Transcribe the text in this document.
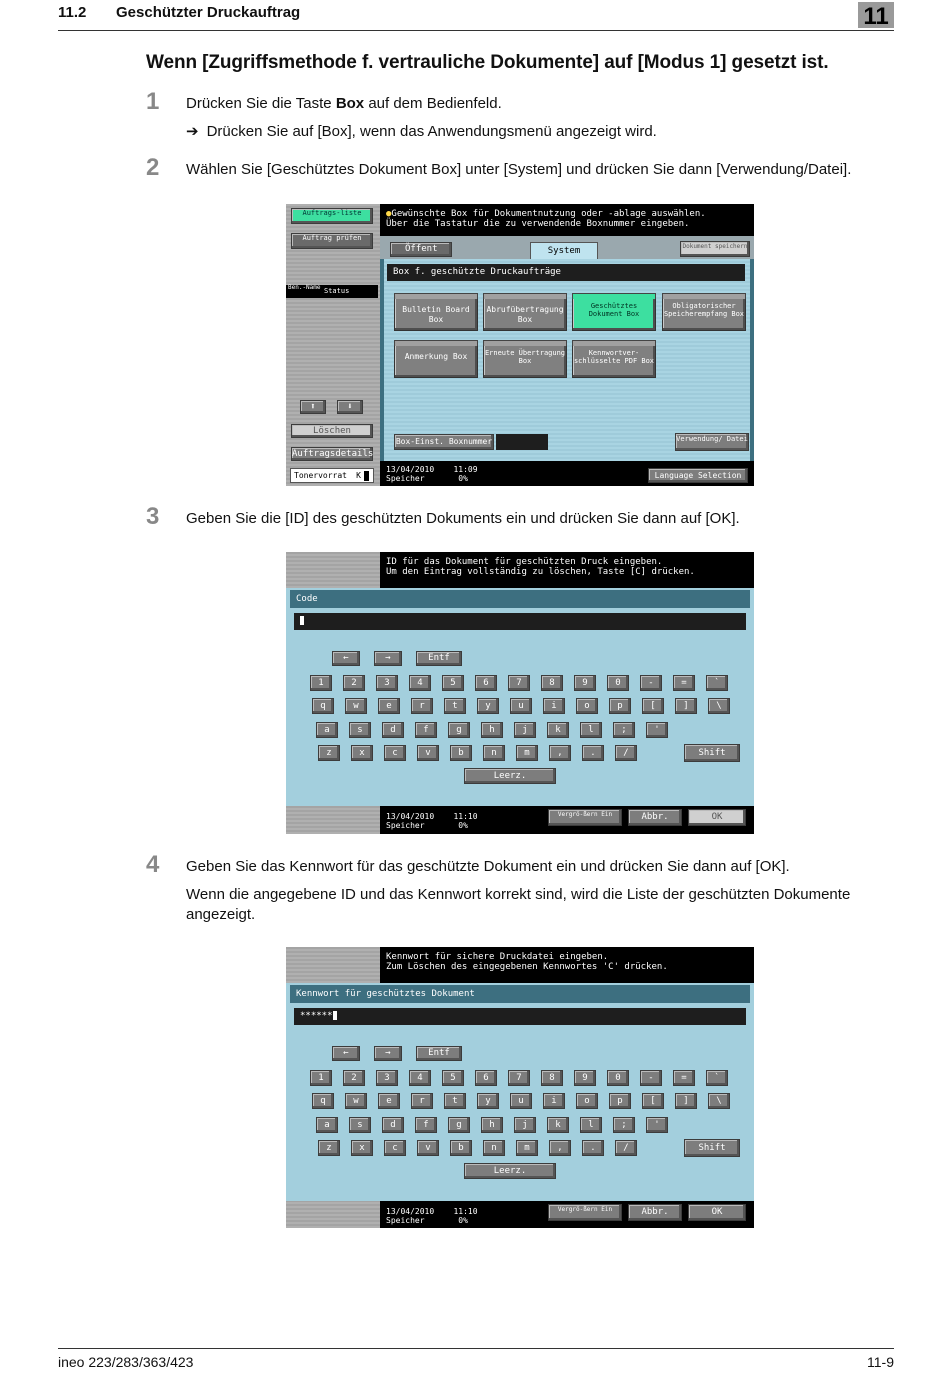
11.2 Geschützter Druckauftrag	11
Wenn [Zugriffsmethode f. vertrauliche Dokumente] auf [Modus 1] gesetzt ist.
1 Drücken Sie die Taste Box auf dem Bedienfeld.
➔ Drücken Sie auf [Box], wenn das Anwendungsmenü angezeigt wird.
2 Wählen Sie [Geschütztes Dokument Box] unter [System] und drücken Sie dann [Verwendung/Datei].
Auftrags-liste
Auftrag prüfen
Ben.-Name Status
⬆	⬇
Löschen
Auftragsdetails
Tonervorrat K
●Gewünschte Box für Dokumentnutzung oder -ablage auswählen.
Über die Tastatur die zu verwendende Boxnummer eingeben.
Öffent	System	Dokument speichern
Box f. geschützte Druckaufträge
Bulletin Board Box
Abrufübertragung Box
Geschütztes Dokument Box
Obligatorischer Speicherempfang Box
Anmerkung Box	Erneute Übertragung Box
Kennwortver-schlüsselte PDF Box
Box-Einst. Boxnummer	Verwendung/ Datei
13/04/2010 11:09
Speicher	0%	Language Selection
3 Geben Sie die [ID] des geschützten Dokuments ein und drücken Sie dann auf [OK].
ID für das Dokument für geschützten Druck eingeben.
Um den Eintrag vollständig zu löschen, Taste [C] drücken.
Code
13/04/2010 11:10
Speicher	0%
Vergrö-ßern Ein	Abbr.	OK
←	→	Entf
1	2	3	4	5	6	7	8	9	0	-	=	`
q	w	e	r	t	y	u	i	o	p	[	]	\
a	s	d	f	g	h	j	k	l	;	'
z	x	c	v	b	n	m	,	.	/	Shift
Leerz.
4 Geben Sie das Kennwort für das geschützte Dokument ein und drücken Sie dann auf [OK].
Wenn die angegebene ID und das Kennwort korrekt sind, wird die Liste der geschützten Dokumente angezeigt.
Kennwort für sichere Druckdatei eingeben.
Zum Löschen des eingegebenen Kennwortes 'C' drücken.
Kennwort für geschütztes Dokument
******
13/04/2010 11:10
Speicher	0%
Vergrö-ßern Ein	Abbr.	OK
←	→	Entf
1	2	3	4	5	6	7	8	9	0	-	=	`
q	w	e	r	t	y	u	i	o	p	[	]	\
a	s	d	f	g	h	j	k	l	;	'
z	x	c	v	b	n	m	,	.	/	Shift
Leerz.
ineo 223/283/363/423	11-9
